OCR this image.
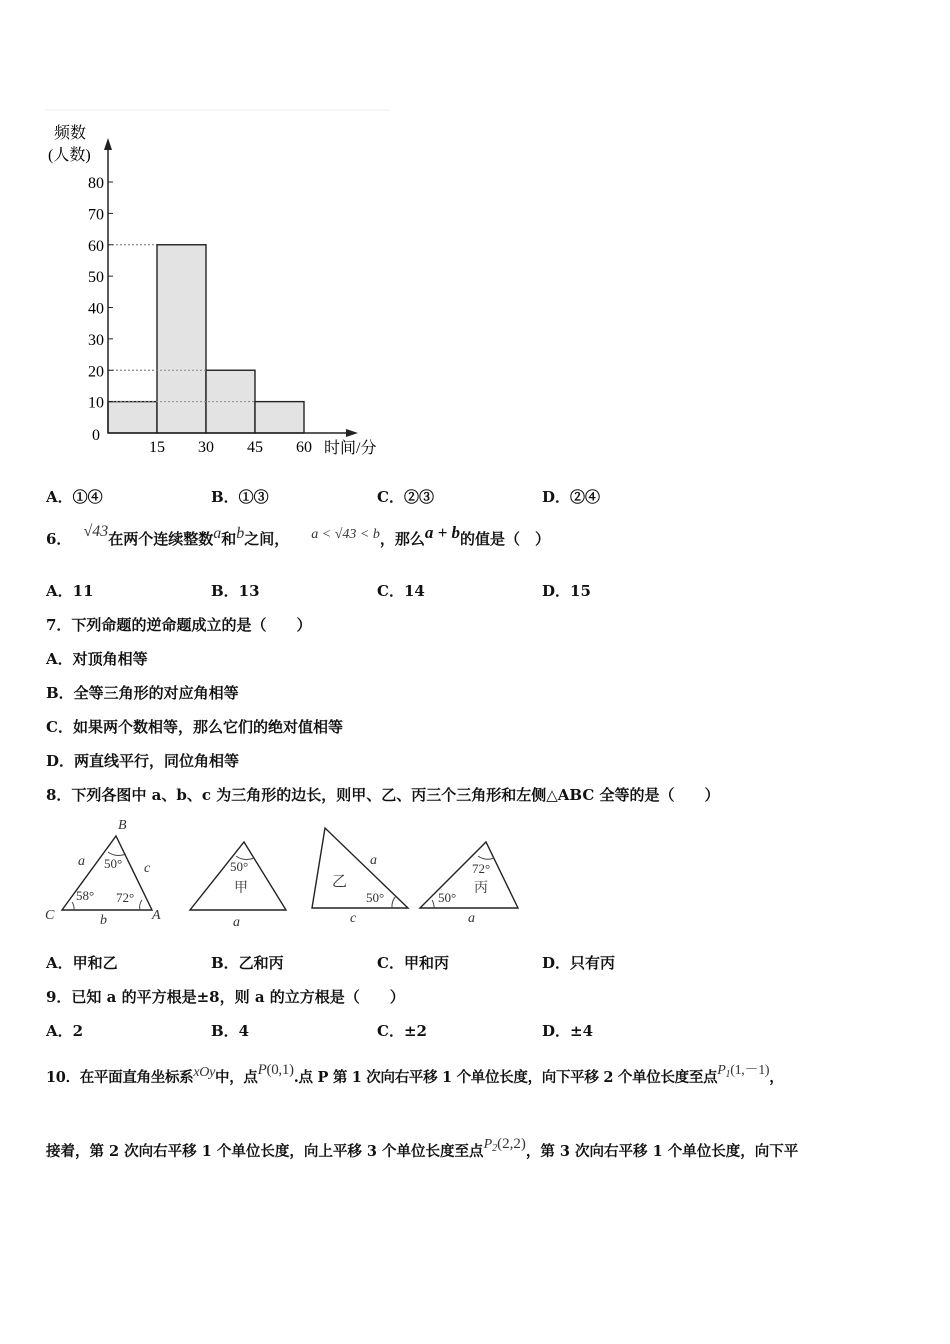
10
20
30
40
50
60
70
80
15 30 45 60
频数
(人数)
时间/分
0
A．①④	B．①③	C．②③	D．②④
6． √43在两个连续整数a和b之间， a < √43 < b，那么a + b的值是（　）
A．11	B．13	C．14	D．15
7．下列命题的逆命题成立的是（　　）
A．对顶角相等
B．全等三角形的对应角相等
C．如果两个数相等，那么它们的绝对值相等
D．两直线平行，同位角相等
8．下列各图中 a、b、c 为三角形的边长，则甲、乙、丙三个三角形和左侧△ABC 全等的是（　　）
B
C	A
a	c
b
50°
58° 72°
50°
甲
a
乙
50°
a
c
72°
丙
50°
a
A．甲和乙	B．乙和丙	C．甲和丙	D．只有丙
9．已知 a 的平方根是±8，则 a 的立方根是（　　）
A．2	B．4	C．±2	D．±4
10．在平面直角坐标系xOy中，点P(0,1).点 P 第 1 次向右平移 1 个单位长度，向下平移 2 个单位长度至点$P_1(1,-1)$，
接着，第 2 次向右平移 1 个单位长度，向上平移 3 个单位长度至点$P_2(2,2)$，第 3 次向右平移 1 个单位长度，向下平
